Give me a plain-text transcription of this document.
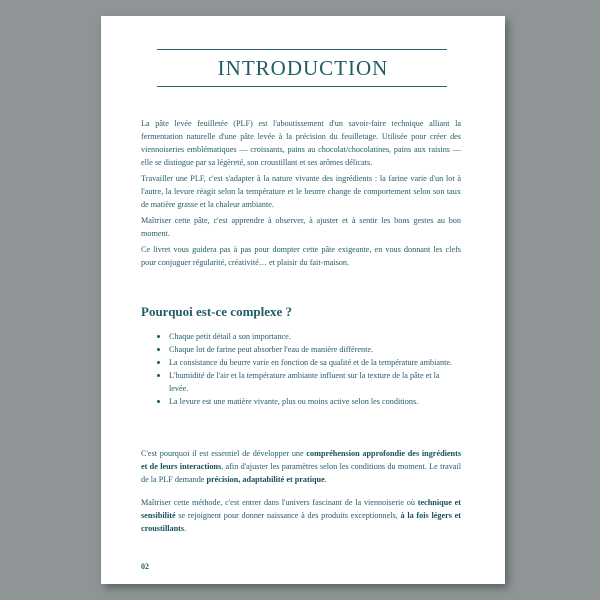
INTRODUCTION

La pâte levée feuilletée (PLF) est l'aboutissement d'un savoir-faire technique alliant la fermentation naturelle d'une pâte levée à la précision du feuilletage. Utilisée pour créer des viennoiseries emblématiques — croissants, pains au chocolat/chocolatines, pains aux raisins — elle se distingue par sa légèreté, son croustillant et ses arômes délicats.

Travailler une PLF, c'est s'adapter à la nature vivante des ingrédients : la farine varie d'un lot à l'autre, la levure réagit selon la température et le beurre change de comportement selon son taux de matière grasse et la chaleur ambiante.

Maîtriser cette pâte, c'est apprendre à observer, à ajuster et à sentir les bons gestes au bon moment.

Ce livret vous guidera pas à pas pour dompter cette pâte exigeante, en vous donnant les clefs pour conjuguer régularité, créativité… et plaisir du fait-maison.

Pourquoi est-ce complexe ?
Chaque petit détail a son importance.
Chaque lot de farine peut absorber l'eau de manière différente.
La consistance du beurre varie en fonction de sa qualité et de la température ambiante.
L'humidité de l'air et la température ambiante influent sur la texture de la pâte et la levée.
La levure est une matière vivante, plus ou moins active selon les conditions.

C'est pourquoi il est essentiel de développer une compréhension approfondie des ingrédients et de leurs interactions, afin d'ajuster les paramètres selon les conditions du moment. Le travail de la PLF demande précision, adaptabilité et pratique.

Maîtriser cette méthode, c'est entrer dans l'univers fascinant de la viennoiserie où technique et sensibilité se rejoignent pour donner naissance à des produits exceptionnels, à la fois légers et croustillants.

02
